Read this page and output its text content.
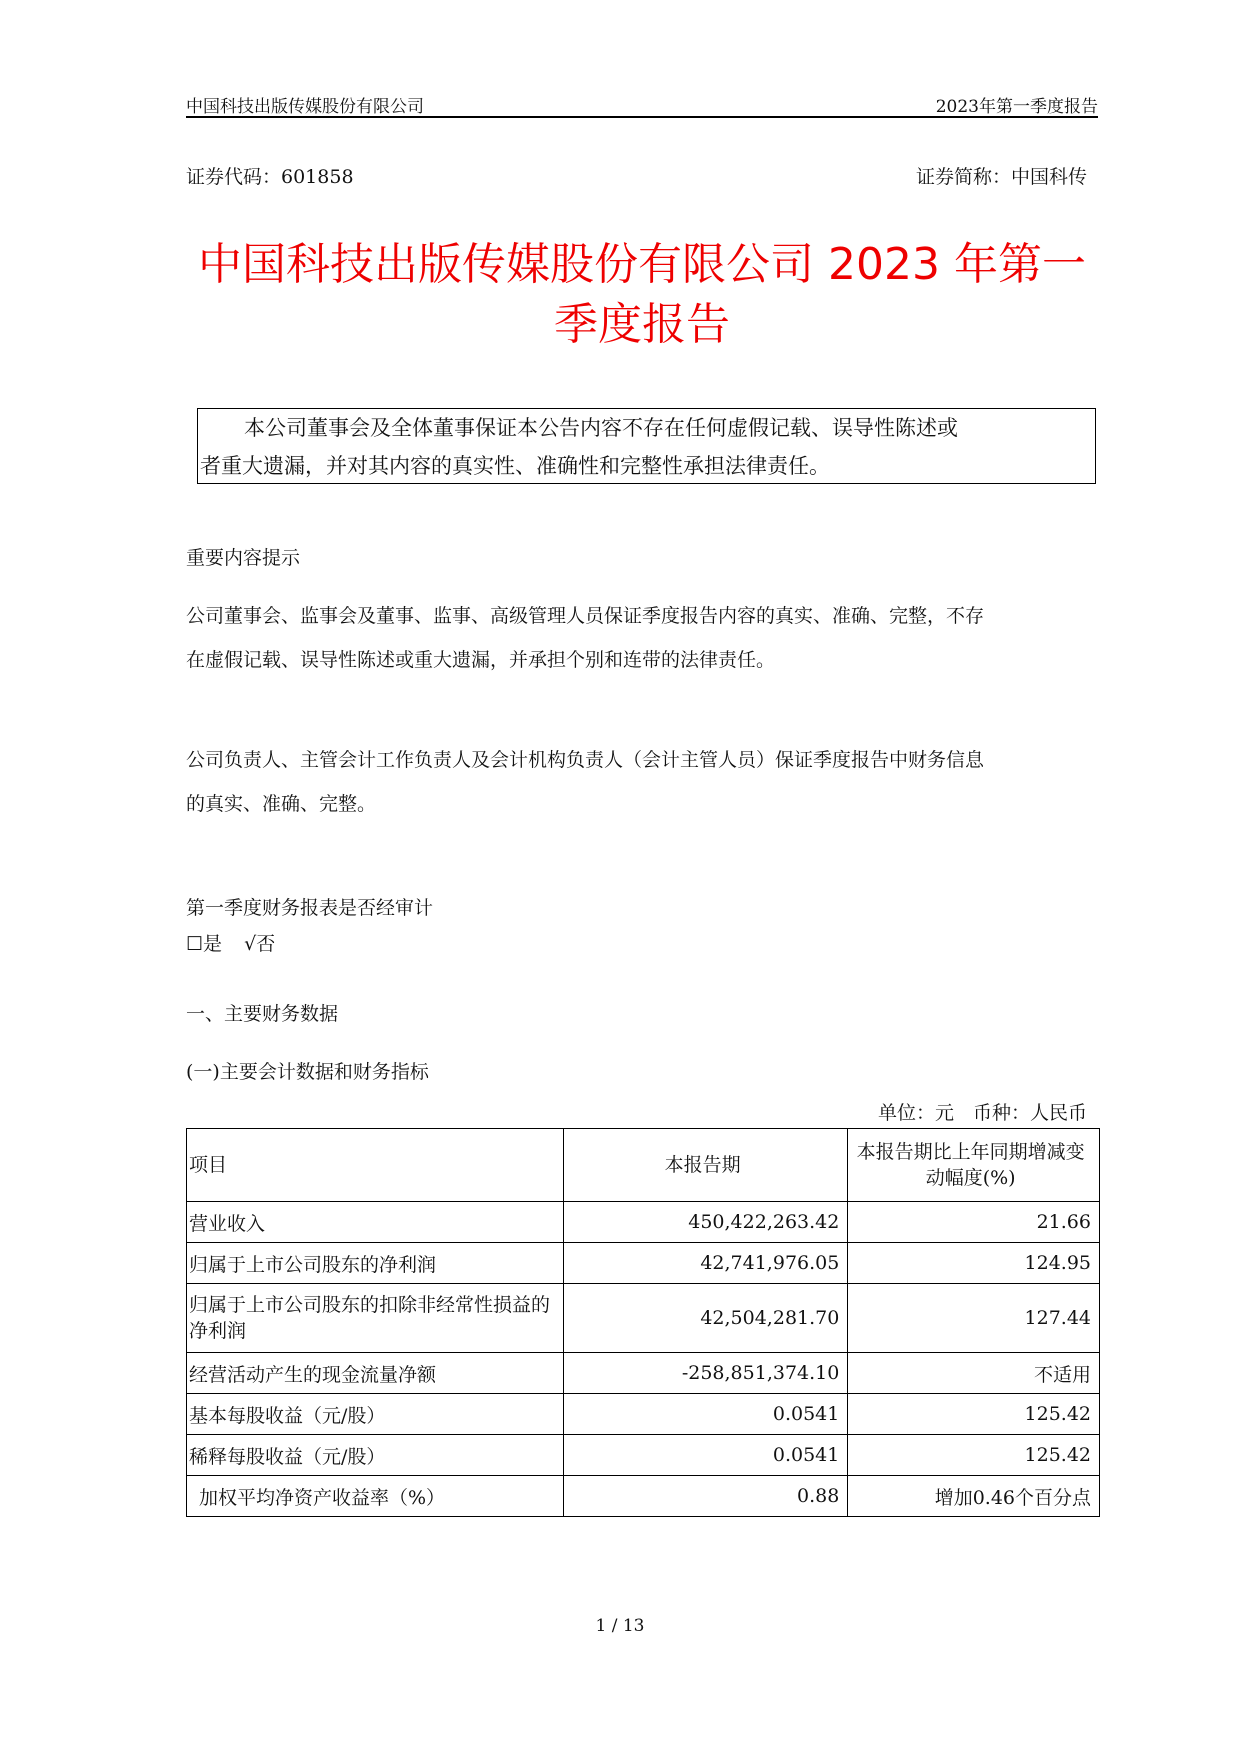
中国科技出版传媒股份有限公司	2023年第一季度报告
证券代码：601858	证券简称：中国科传
中国科技出版传媒股份有限公司 2023 年第一
季度报告
本公司董事会及全体董事保证本公告内容不存在任何虚假记载、误导性陈述或
者重大遗漏，并对其内容的真实性、准确性和完整性承担法律责任。
重要内容提示
公司董事会、监事会及董事、监事、高级管理人员保证季度报告内容的真实、准确、完整，不存
在虚假记载、误导性陈述或重大遗漏，并承担个别和连带的法律责任。
公司负责人、主管会计工作负责人及会计机构负责人（会计主管人员）保证季度报告中财务信息
的真实、准确、完整。
第一季度财务报表是否经审计
☐是 √否
一、主要财务数据
(一)主要会计数据和财务指标
单位：元　币种：人民币
项目	本报告期	本报告期比上年同期增减变动幅度(%)
营业收入	450,422,263.42	21.66
归属于上市公司股东的净利润	42,741,976.05	124.95
归属于上市公司股东的扣除非经常性损益的净利润	42,504,281.70	127.44
经营活动产生的现金流量净额	-258,851,374.10	不适用
基本每股收益（元/股）	0.0541	125.42
稀释每股收益（元/股）	0.0541	125.42
加权平均净资产收益率（%）	0.88	增加0.46个百分点
1 / 13
